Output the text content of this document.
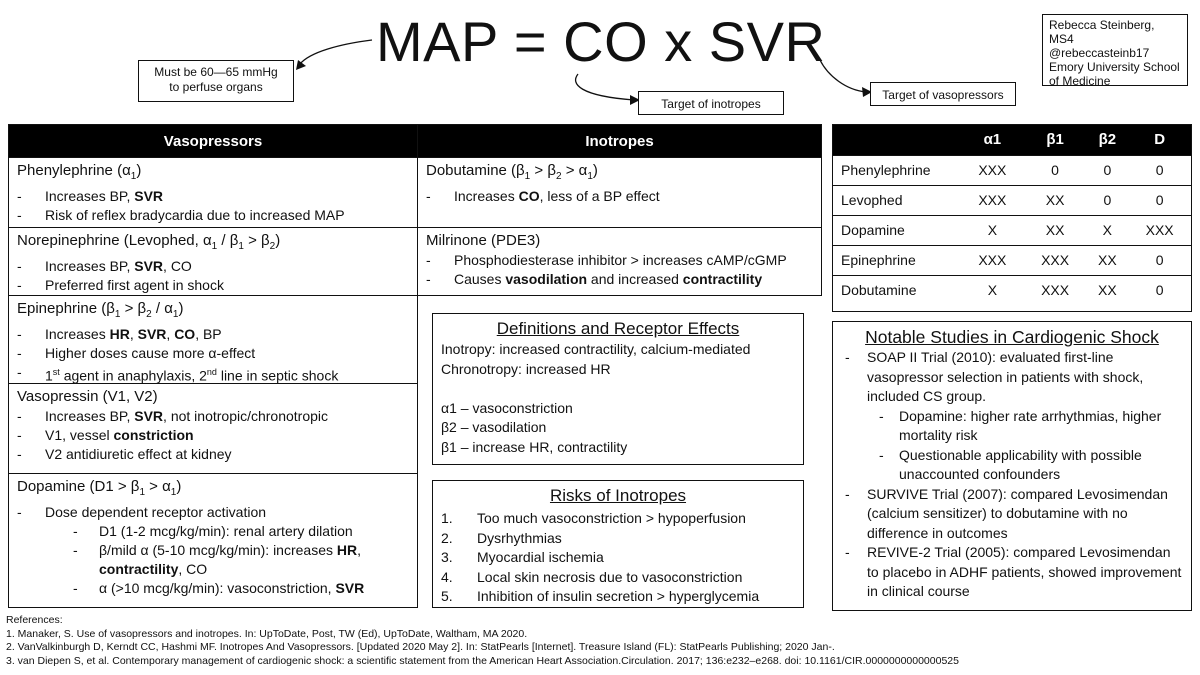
MAP = CO x SVR
Must be 60—65 mmHg to perfuse organs
Target of inotropes
Target of vasopressors
Rebecca Steinberg, MS4
@rebeccasteinb17
Emory University School
of Medicine
Vasopressors
Phenylephrine $(\alpha_1)$
- Increases BP, SVR
- Risk of reflex bradycardia due to increased MAP
Norepinephrine (Levophed, $\alpha_1 / \beta_1 > \beta_2$)
- Increases BP, SVR, CO
- Preferred first agent in shock
Epinephrine $(\beta_1 > \beta_2 / \alpha_1)$
- Increases HR, SVR, CO, BP
- Higher doses cause more α-effect
- 1st agent in anaphylaxis, 2nd line in septic shock
Vasopressin (V1, V2)
- Increases BP, SVR, not inotropic/chronotropic
- V1, vessel constriction
- V2 antidiuretic effect at kidney
Dopamine $(D1 > \beta_1 > \alpha_1)$
- Dose dependent receptor activation
- D1 (1-2 mcg/kg/min): renal artery dilation
- β/mild α (5-10 mcg/kg/min): increases HR, contractility, CO
- α (>10 mcg/kg/min): vasoconstriction, SVR
Inotropes
Dobutamine $(\beta_1 > \beta_2 > \alpha_1)$
- Increases CO, less of a BP effect
Milrinone (PDE3)
- Phosphodiesterase inhibitor > increases cAMP/cGMP
- Causes vasodilation and increased contractility
Definitions and Receptor Effects
Inotropy: increased contractility, calcium-mediated
Chronotropy: increased HR
α1 – vasoconstriction
β2 – vasodilation
β1 – increase HR, contractility
Risks of Inotropes
1.	Too much vasoconstriction > hypoperfusion
2.	Dysrhythmias
3.	Myocardial ischemia
4.	Local skin necrosis due to vasoconstriction
5.	Inhibition of insulin secretion > hyperglycemia
	α1	β1	β2	D
Phenylephrine	XXX	0	0	0
Levophed	XXX	XX	0	0
Dopamine	X	XX	X	XXX
Epinephrine	XXX	XXX	XX	0
Dobutamine	X	XXX	XX	0
Notable Studies in Cardiogenic Shock
- SOAP II Trial (2010): evaluated first-line vasopressor selection in patients with shock, included CS group.
- Dopamine: higher rate arrhythmias, higher mortality risk
- Questionable applicability with possible unaccounted confounders
- SURVIVE Trial (2007): compared Levosimendan (calcium sensitizer) to dobutamine with no difference in outcomes
- REVIVE-2 Trial (2005): compared Levosimendan to placebo in ADHF patients, showed improvement in clinical course
References:
1. Manaker, S. Use of vasopressors and inotropes. In: UpToDate, Post, TW (Ed), UpToDate, Waltham, MA 2020.
2. VanValkinburgh D, Kerndt CC, Hashmi MF. Inotropes And Vasopressors. [Updated 2020 May 2]. In: StatPearls [Internet]. Treasure Island (FL): StatPearls Publishing; 2020 Jan-.
3. van Diepen S, et al. Contemporary management of cardiogenic shock: a scientific statement from the American Heart Association.Circulation. 2017; 136:e232–e268. doi: 10.1161/CIR.0000000000000525
